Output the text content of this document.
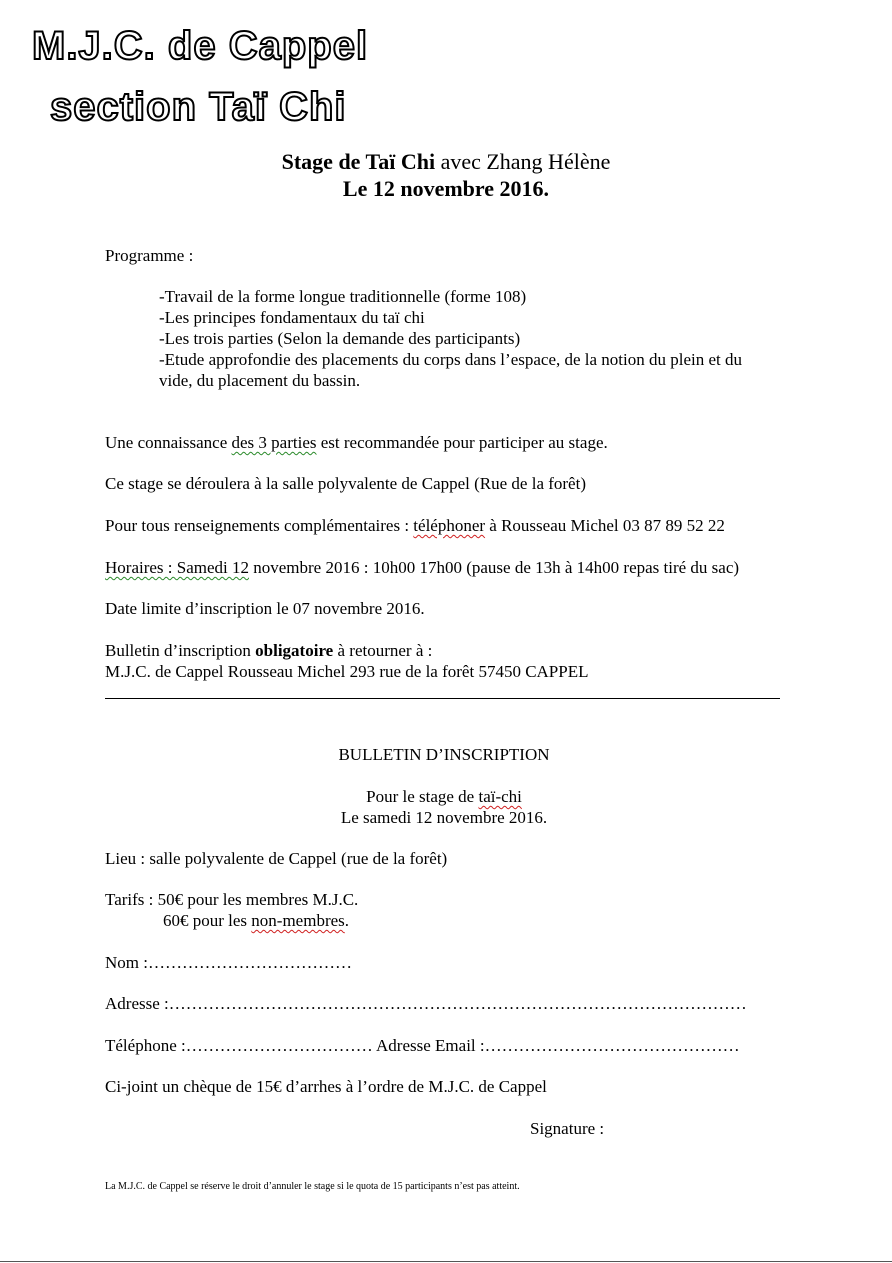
M.J.C. de Cappel
section Taï Chi
Stage de Taï Chi avec Zhang Hélène
Le 12 novembre 2016.
Programme :
-Travail de la forme longue traditionnelle (forme 108)
-Les principes fondamentaux du taï chi
-Les trois parties (Selon la demande des participants)
-Etude approfondie des placements du corps dans l’espace, de la notion du plein et du
vide, du placement du bassin.
Une connaissance des 3 parties est recommandée pour participer au stage.
Ce stage se déroulera à la salle polyvalente de Cappel (Rue de la forêt)
Pour tous renseignements complémentaires : téléphoner à Rousseau Michel 03 87 89 52 22
Horaires : Samedi 12 novembre 2016 : 10h00 17h00 (pause de 13h à 14h00 repas tiré du sac)
Date limite d’inscription le 07 novembre 2016.
Bulletin d’inscription obligatoire à retourner à :
M.J.C. de Cappel Rousseau Michel 293 rue de la forêt 57450 CAPPEL
BULLETIN D’INSCRIPTION
Pour le stage de taï-chi
Le samedi 12 novembre 2016.
Lieu : salle polyvalente de Cappel (rue de la forêt)
Tarifs : 50€ pour les membres M.J.C.
60€ pour les non-membres.
Nom :………………………………
Adresse :…………………………………………………………………………………………
Téléphone :…………………………… Adresse Email :………………………………………
Ci-joint un chèque de 15€ d’arrhes à l’ordre de M.J.C. de Cappel
Signature :
La M.J.C. de Cappel se réserve le droit d’annuler le stage si le quota de 15 participants n’est pas atteint.
